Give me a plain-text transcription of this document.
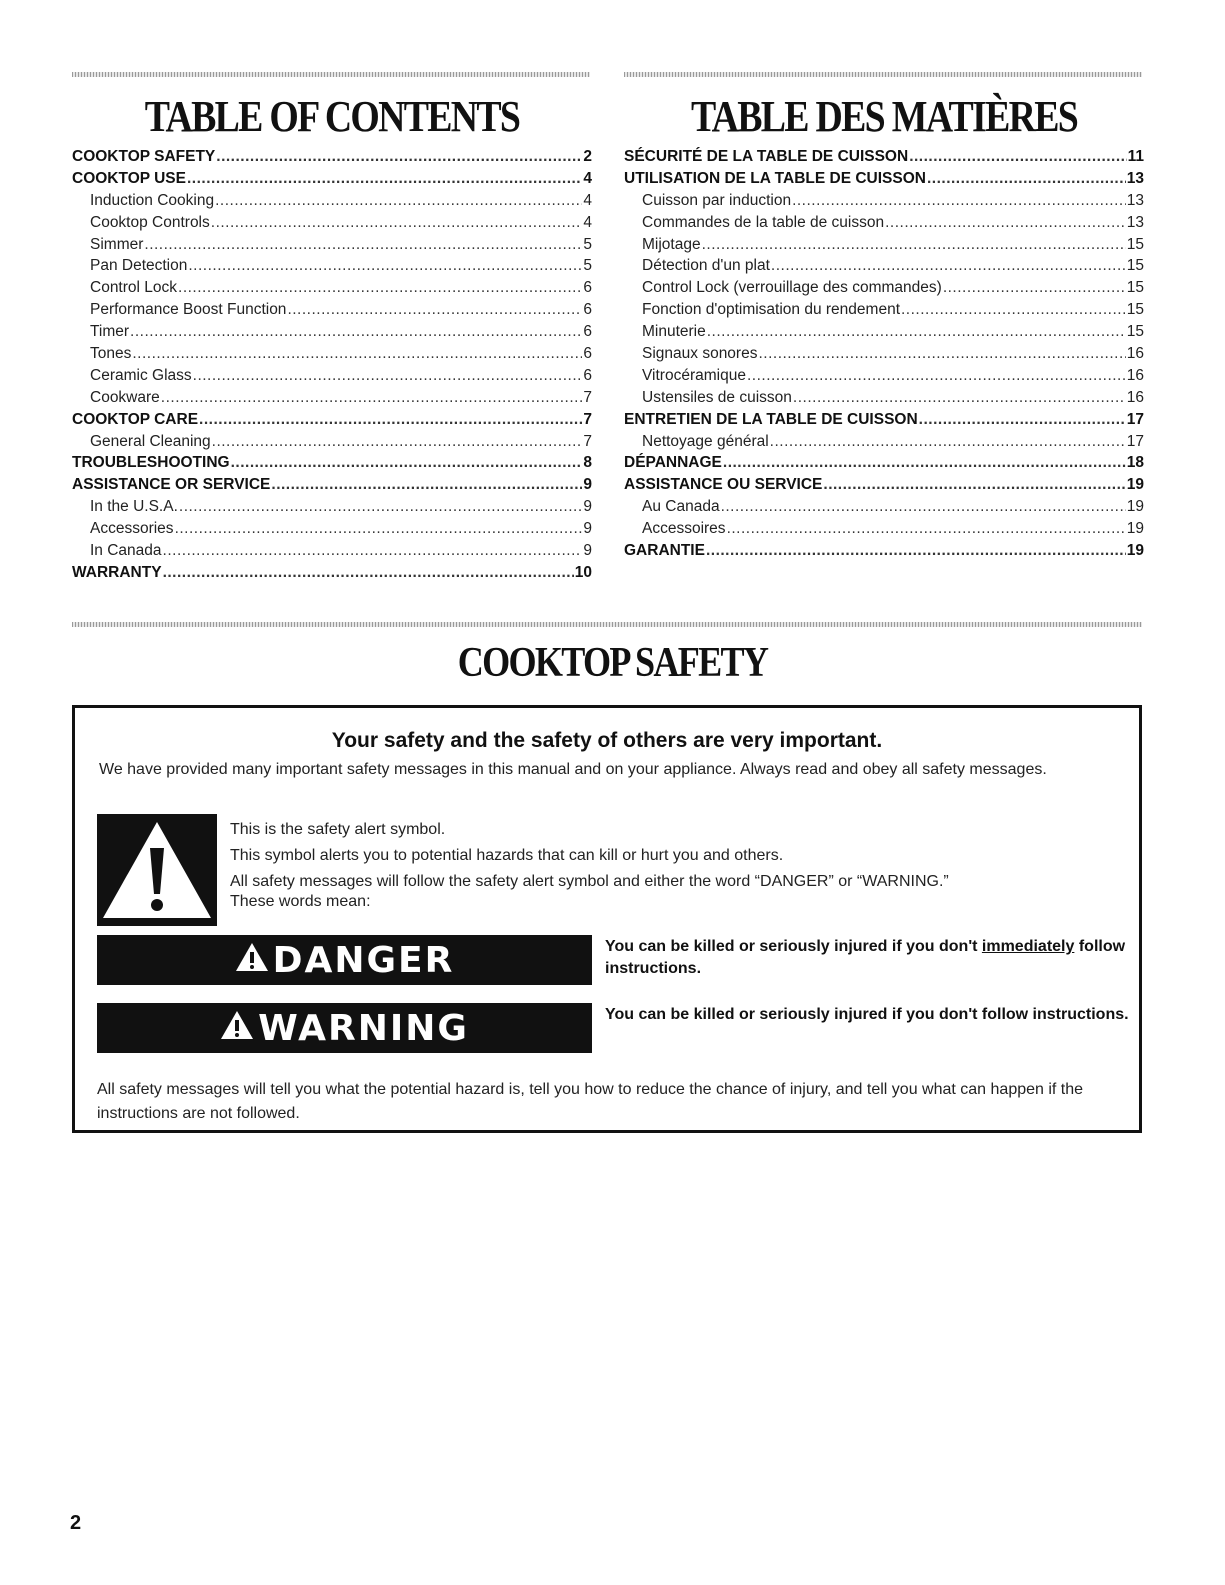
TABLE OF CONTENTS
COOKTOP SAFETY .....	2
COOKTOP USE .....	4
Induction Cooking .....	4
Cooktop Controls .....	4
Simmer .....	5
Pan Detection .....	5
Control Lock .....	6
Performance Boost Function .....	6
Timer .....	6
Tones .....	6
Ceramic Glass .....	6
Cookware .....	7
COOKTOP CARE .....	7
General Cleaning .....	7
TROUBLESHOOTING .....	8
ASSISTANCE OR SERVICE .....	9
In the U.S.A. .....	9
Accessories .....	9
In Canada .....	9
WARRANTY .....	10
TABLE DES MATIÈRES
SÉCURITÉ DE LA TABLE DE CUISSON .....	11
UTILISATION DE LA TABLE DE CUISSON .....	13
Cuisson par induction .....	13
Commandes de la table de cuisson .....	13
Mijotage .....	15
Détection d'un plat .....	15
Control Lock (verrouillage des commandes) .....	15
Fonction d'optimisation du rendement .....	15
Minuterie .....	15
Signaux sonores .....	16
Vitrocéramique .....	16
Ustensiles de cuisson .....	16
ENTRETIEN DE LA TABLE DE CUISSON .....	17
Nettoyage général .....	17
DÉPANNAGE .....	18
ASSISTANCE OU SERVICE .....	19
Au Canada .....	19
Accessoires .....	19
GARANTIE .....	19
COOKTOP SAFETY
Your safety and the safety of others are very important.

We have provided many important safety messages in this manual and on your appliance. Always read and obey all safety messages.

This is the safety alert symbol.
This symbol alerts you to potential hazards that can kill or hurt you and others.
All safety messages will follow the safety alert symbol and either the word “DANGER” or “WARNING.”
These words mean:
DANGER	You can be killed or seriously injured if you don't immediately follow instructions.
WARNING	You can be killed or seriously injured if you don't follow instructions.

All safety messages will tell you what the potential hazard is, tell you how to reduce the chance of injury, and tell you what can happen if the instructions are not followed.

2
